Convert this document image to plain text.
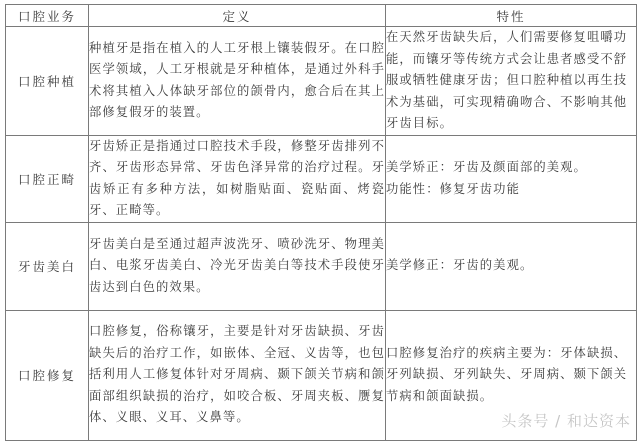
口腔业务	定义	特性
口腔种植	种植牙是指在植入的人工牙根上镶装假牙。在口腔医学领域，人工牙根就是牙种植体，是通过外科手术将其植入人体缺牙部位的颌骨内，愈合后在其上部修复假牙的装置。	在天然牙齿缺失后，人们需要修复咀嚼功能，而镶牙等传统方式会让患者感受不舒服或牺牲健康牙齿；但口腔种植以再生技术为基础，可实现精确吻合、不影响其他牙齿目标。

口腔正畸	牙齿矫正是指通过口腔技术手段，修整牙齿排列不齐、牙齿形态异常、牙齿色泽异常的治疗过程。牙齿矫正有多种方法，如树脂贴面、瓷贴面、烤瓷牙、正畸等。	美学矫正：牙齿及颜面部的美观。

功能性：修复牙齿功能

牙齿美白	牙齿美白是至通过超声波洗牙、喷砂洗牙、物理美白、电浆牙齿美白、冷光牙齿美白等技术手段使牙齿达到白色的效果。	美学修正：牙齿的美观。

口腔修复	口腔修复，俗称镶牙，主要是针对牙齿缺损、牙齿缺失后的治疗工作，如嵌体、全冠、义齿等，也包括利用人工修复体针对牙周病、颞下颌关节病和颌面部组织缺损的治疗，如咬合板、牙周夹板、赝复体、义眼、义耳、义鼻等。	口腔修复治疗的疾病主要为：牙体缺损、牙列缺损、牙列缺失、牙周病、颞下颌关节病和颌面缺损。

头条号 / 和达资本
